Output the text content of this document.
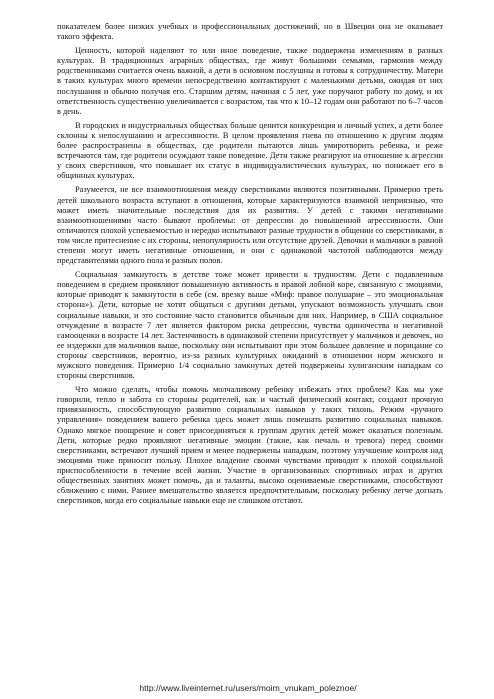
показателем более низких учебных и профессиональных достижений, но в Швеции она не оказывает такого эффекта.

Ценность, которой наделяют то или иное поведение, также подвержена изменениям в разных культурах. В традиционных аграрных обществах, где живут большими семьями, гармония между родственниками считается очень важной, а дети в основном послушны и готовы к сотрудничеству. Матери в таких культурах много времени непосредственно контактируют с маленькими детьми, ожидая от них послушания и обычно получая его. Старшим детям, начиная с 5 лет, уже поручают работу по дому, и их ответственность существенно увеличивается с возрастом, так что к 10–12 годам они работают по 6–7 часов в день.

В городских и индустриальных обществах больше ценится конкуренция и личный успех, а дети более склонны к непослушанию и агрессивности. В целом проявления гнева по отношению к другим людям более распространены в обществах, где родители пытаются лишь умиротворить ребенка, и реже встречаются там, где родители осуждают такое поведение. Дети также реагируют на отношение к агрессии у своих сверстников, что повышает их статус в индивидуалистических культурах, но понижает его в общинных культурах.

Разумеется, не все взаимоотношения между сверстниками являются позитивными. Примерно треть детей школьного возраста вступают в отношения, которые характеризуются взаимной неприязнью, что может иметь значительные последствия для их развития. У детей с такими негативными взаимоотношениями часто бывают проблемы: от депрессии до повышенной агрессивности. Они отличаются плохой успеваемостью и нередко испытывают разные трудности в общении со сверстниками, в том числе притеснение с их стороны, непопулярность или отсутствие друзей. Девочки и мальчики в равной степени могут иметь негативные отношения, и они с одинаковой частотой наблюдаются между представителями одного пола и разных полов.

Социальная замкнутость в детстве тоже может привести к трудностям. Дети с подавленным поведением в среднем проявляют повышенную активность в правой лобной коре, связанную с эмоциями, которые приводят к замкнутости в себе (см. врезку выше «Миф: правое полушарие – это эмоциональная сторона»). Дети, которые не хотят общаться с другими детьми, упускают возможность улучшать свои социальные навыки, и это состояние часто становится обычным для них. Например, в США социальное отчуждение в возрасте 7 лет является фактором риска депрессии, чувства одиночества и негативной самооценки в возрасте 14 лет. Застенчивость в одинаковой степени присутствует у мальчиков и девочек, но ее издержки для мальчиков выше, поскольку они испытывают при этом большее давление и порицание со стороны сверстников, вероятно, из-за разных культурных ожиданий в отношении норм женского и мужского поведения. Примерно 1/4 социально замкнутых детей подвержены хулиганским нападкам со стороны сверстников.

Что можно сделать, чтобы помочь молчаливому ребенку избежать этих проблем? Как мы уже говорили, тепло и забота со стороны родителей, как и частый физический контакт, создают прочную привязанность, способствующую развитию социальных навыков у таких тихонь. Режим «ручного управления» поведением вашего ребенка здесь может лишь помешать развитию социальных навыков. Однако мягкое поощрение и совет присоединяться к группам других детей может оказаться полезным. Дети, которые редко проявляют негативные эмоции (такие, как печаль и тревога) перед своими сверстниками, встречают лучший прием и менее подвержены нападкам, поэтому улучшение контроля над эмоциями тоже приносит пользу. Плохое владение своими чувствами приводит к плохой социальной приспособленности в течение всей жизни. Участие в организованных спортивных играх и других общественных занятиях может помочь, да и таланты, высоко оцениваемые сверстниками, способствуют сближению с ними. Раннее вмешательство является предпочтительным, поскольку ребенку легче догнать сверстников, когда его социальные навыки еще не слишком отстают.

http://www.liveinternet.ru/users/moim_vnukam_poleznoe/
